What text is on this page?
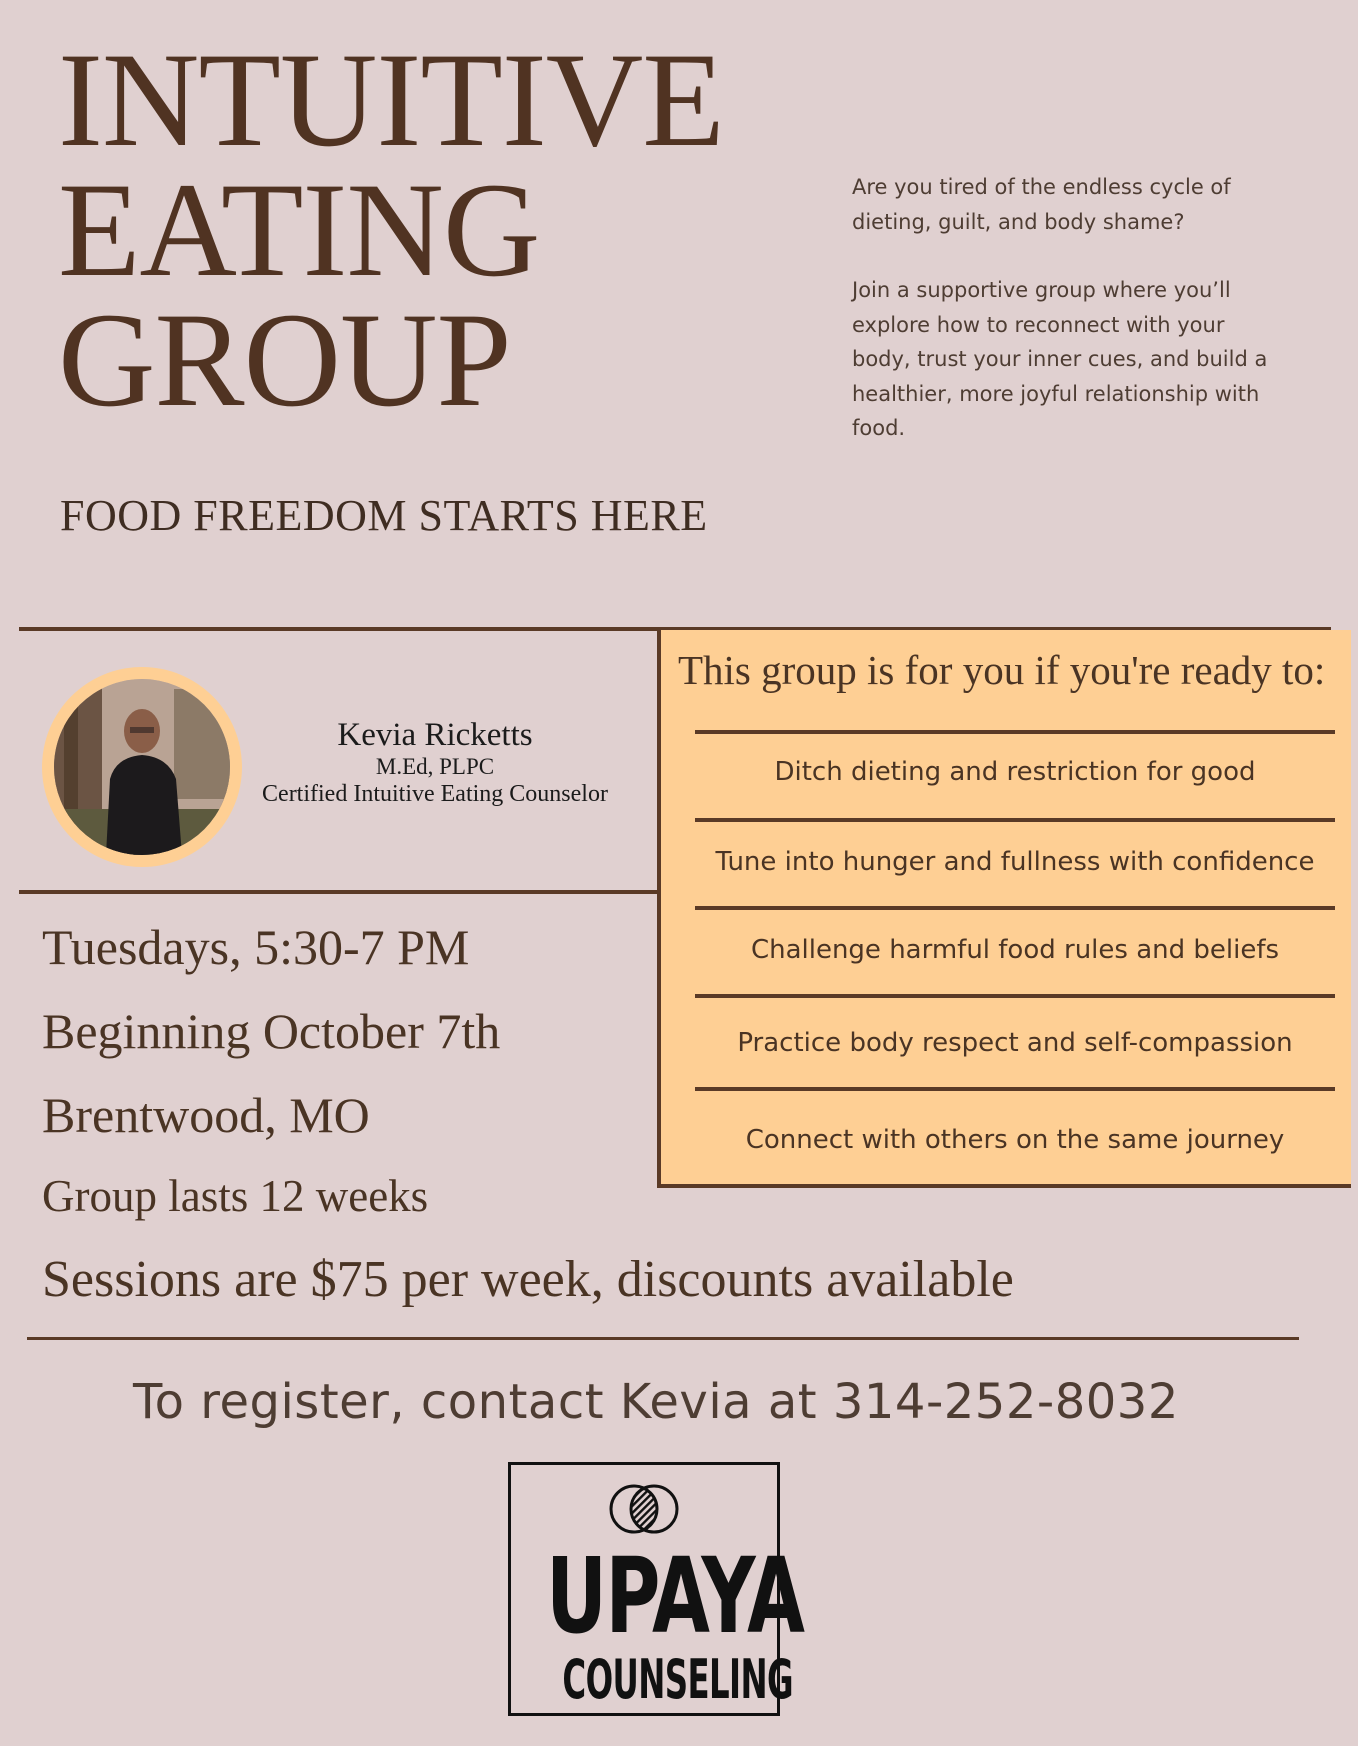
INTUITIVE
EATING
GROUP

Are you tired of the endless cycle of dieting, guilt, and body shame?

Join a supportive group where you’ll explore how to reconnect with your body, trust your inner cues, and build a healthier, more joyful relationship with food.

FOOD FREEDOM STARTS HERE
Kevia Ricketts
M.Ed, PLPC
Certified Intuitive Eating Counselor
Tuesdays, 5:30-7 PM
Beginning October 7th
Brentwood, MO
Group lasts 12 weeks
Sessions are $75 per week, discounts available
This group is for you if you're ready to:
Ditch dieting and restriction for good
Tune into hunger and fullness with confidence
Challenge harmful food rules and beliefs
Practice body respect and self-compassion
Connect with others on the same journey
To register, contact Kevia at 314-252-8032
UPAYA
COUNSELING
